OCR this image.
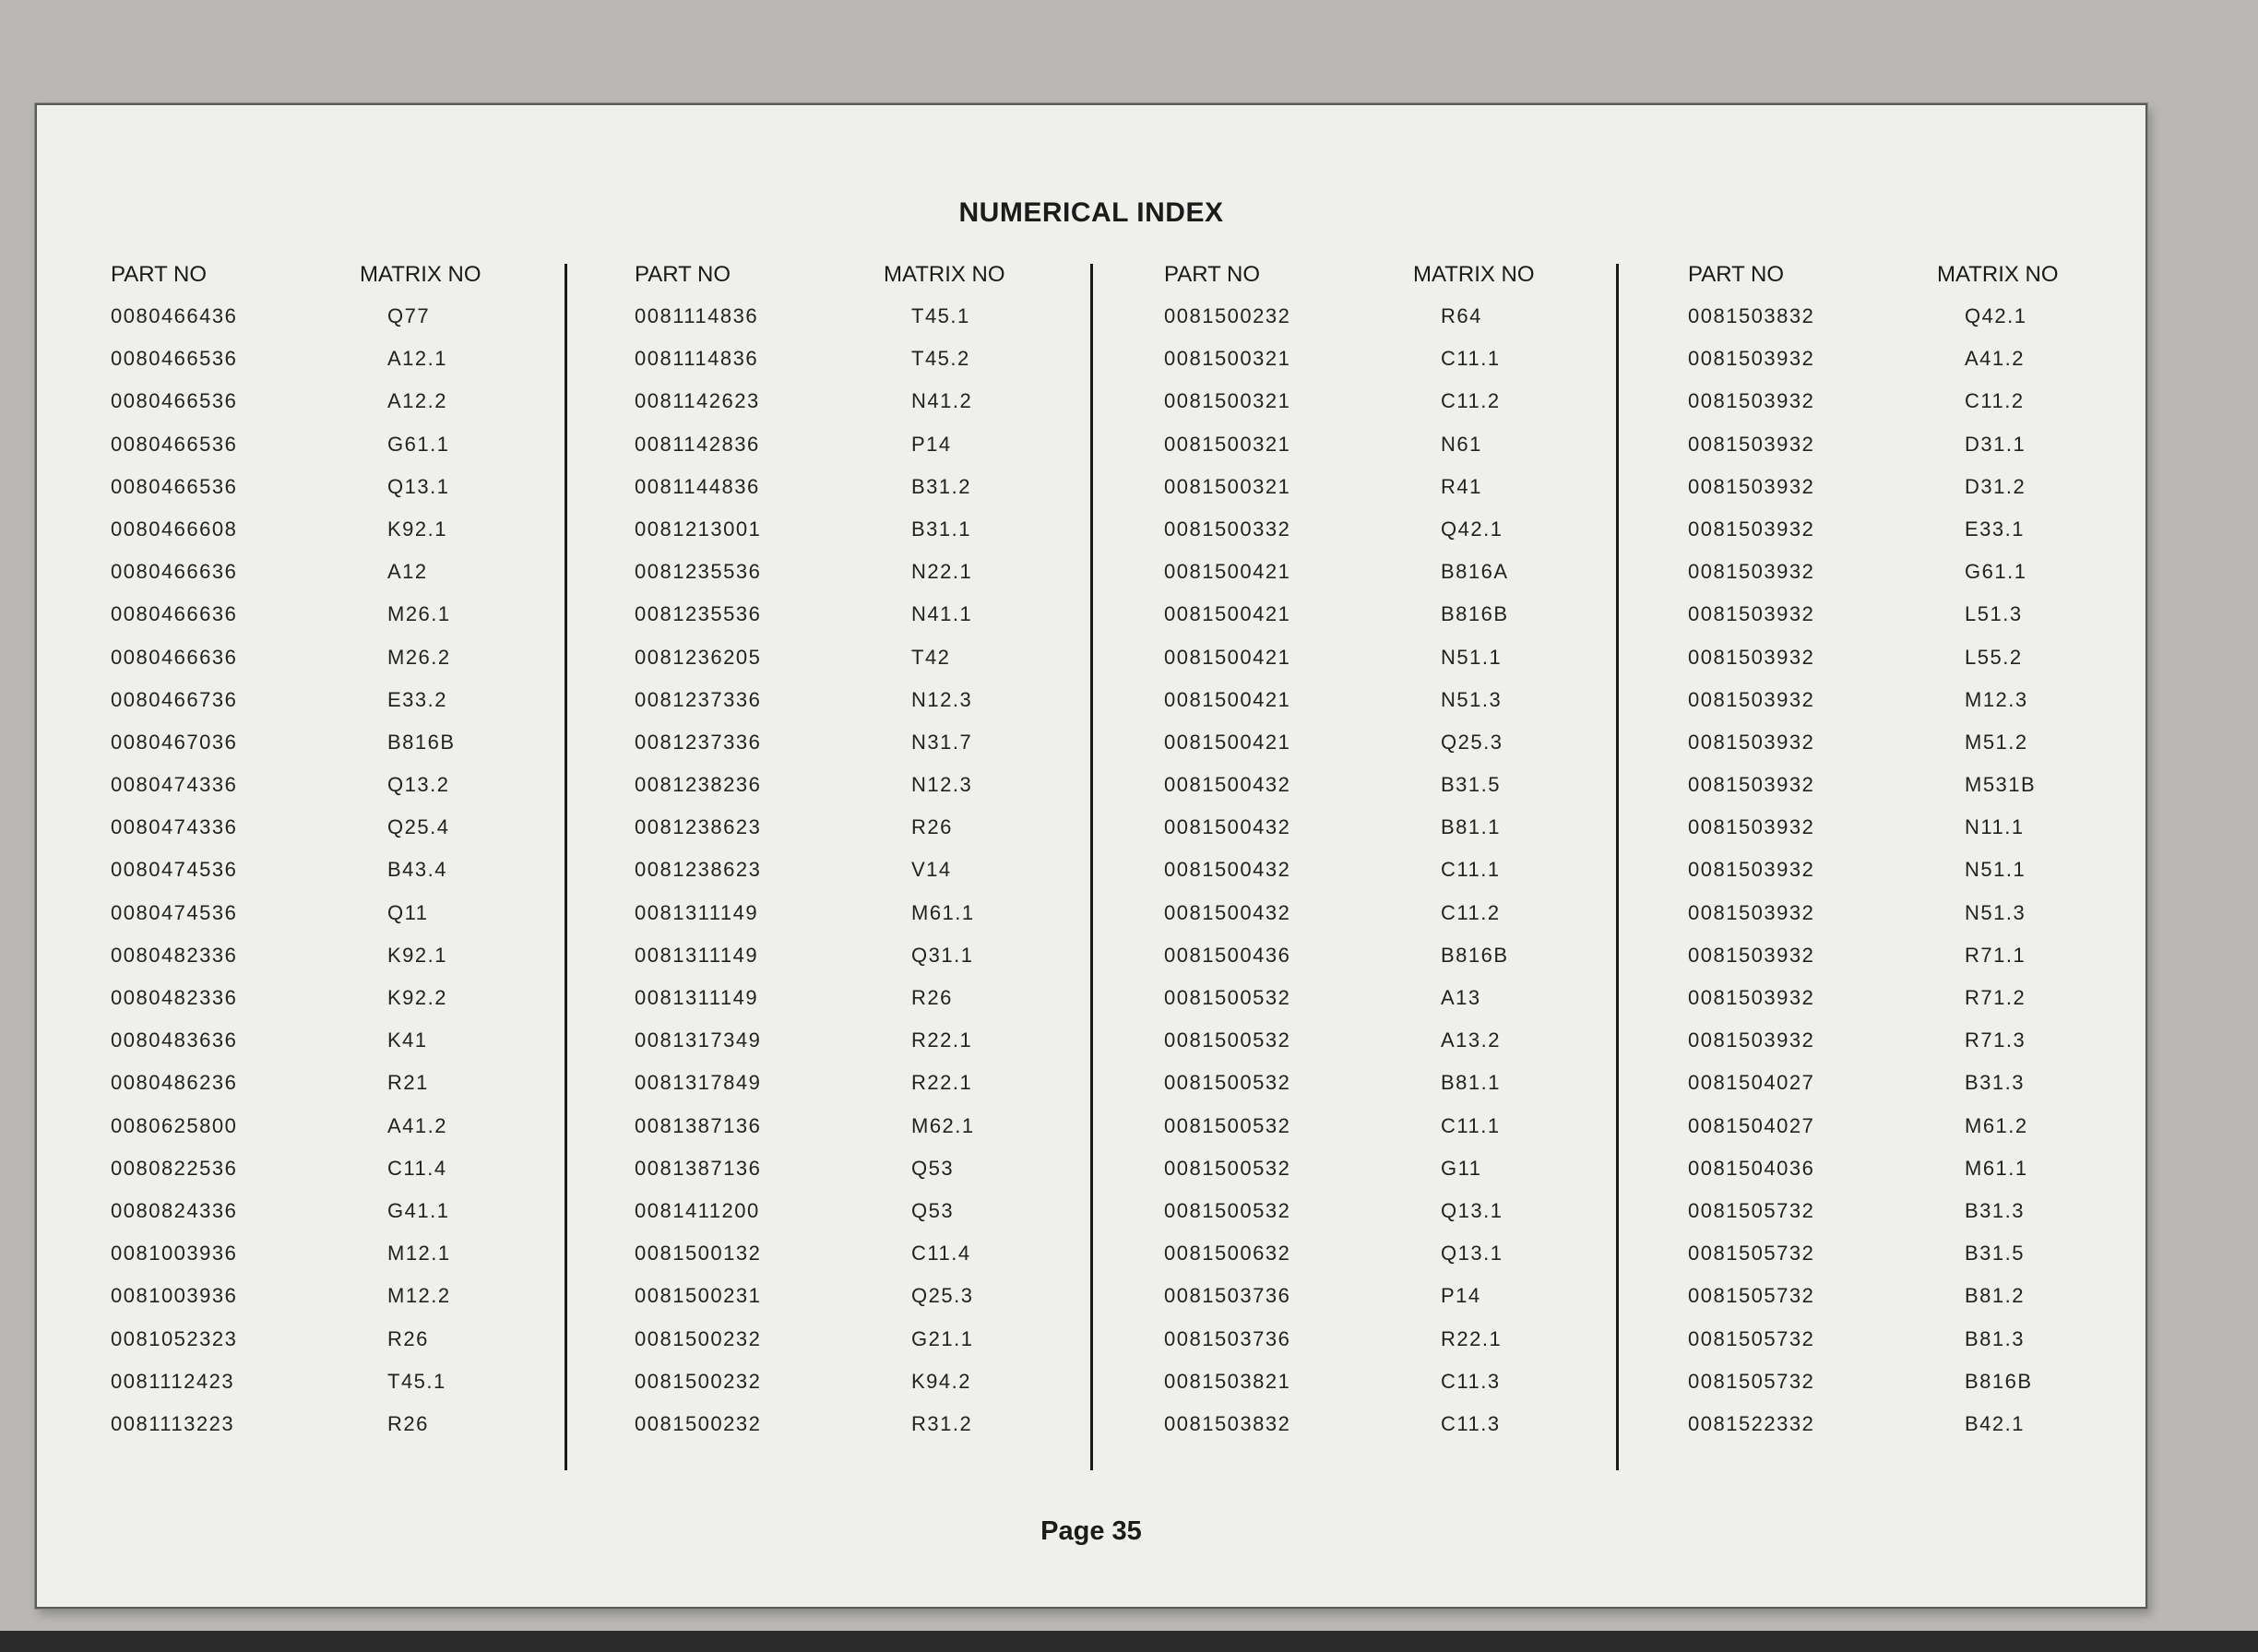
NUMERICAL INDEX
PART NO	MATRIX NO
0080466436	Q77
0080466536	A12.1
0080466536	A12.2
0080466536	G61.1
0080466536	Q13.1
0080466608	K92.1
0080466636	A12
0080466636	M26.1
0080466636	M26.2
0080466736	E33.2
0080467036	B816B
0080474336	Q13.2
0080474336	Q25.4
0080474536	B43.4
0080474536	Q11
0080482336	K92.1
0080482336	K92.2
0080483636	K41
0080486236	R21
0080625800	A41.2
0080822536	C11.4
0080824336	G41.1
0081003936	M12.1
0081003936	M12.2
0081052323	R26
0081112423	T45.1
0081113223	R26
PART NO	MATRIX NO
0081114836	T45.1
0081114836	T45.2
0081142623	N41.2
0081142836	P14
0081144836	B31.2
0081213001	B31.1
0081235536	N22.1
0081235536	N41.1
0081236205	T42
0081237336	N12.3
0081237336	N31.7
0081238236	N12.3
0081238623	R26
0081238623	V14
0081311149	M61.1
0081311149	Q31.1
0081311149	R26
0081317349	R22.1
0081317849	R22.1
0081387136	M62.1
0081387136	Q53
0081411200	Q53
0081500132	C11.4
0081500231	Q25.3
0081500232	G21.1
0081500232	K94.2
0081500232	R31.2
PART NO	MATRIX NO
0081500232	R64
0081500321	C11.1
0081500321	C11.2
0081500321	N61
0081500321	R41
0081500332	Q42.1
0081500421	B816A
0081500421	B816B
0081500421	N51.1
0081500421	N51.3
0081500421	Q25.3
0081500432	B31.5
0081500432	B81.1
0081500432	C11.1
0081500432	C11.2
0081500436	B816B
0081500532	A13
0081500532	A13.2
0081500532	B81.1
0081500532	C11.1
0081500532	G11
0081500532	Q13.1
0081500632	Q13.1
0081503736	P14
0081503736	R22.1
0081503821	C11.3
0081503832	C11.3
PART NO	MATRIX NO
0081503832	Q42.1
0081503932	A41.2
0081503932	C11.2
0081503932	D31.1
0081503932	D31.2
0081503932	E33.1
0081503932	G61.1
0081503932	L51.3
0081503932	L55.2
0081503932	M12.3
0081503932	M51.2
0081503932	M531B
0081503932	N11.1
0081503932	N51.1
0081503932	N51.3
0081503932	R71.1
0081503932	R71.2
0081503932	R71.3
0081504027	B31.3
0081504027	M61.2
0081504036	M61.1
0081505732	B31.3
0081505732	B31.5
0081505732	B81.2
0081505732	B81.3
0081505732	B816B
0081522332	B42.1
Page 35
